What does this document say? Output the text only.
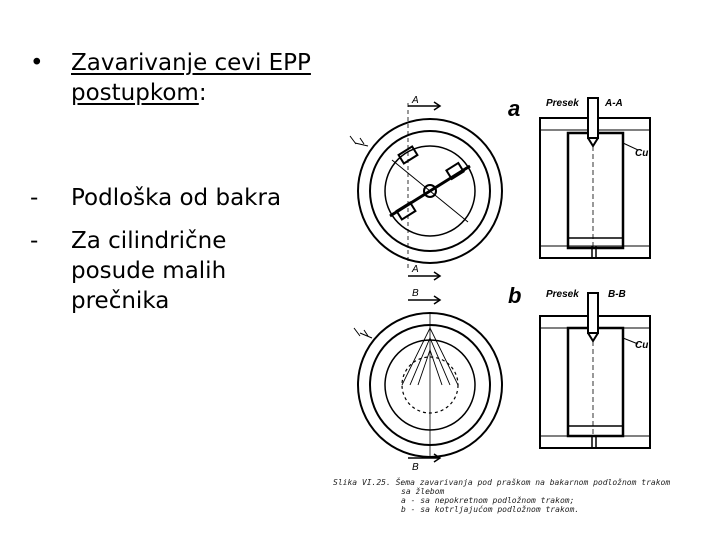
• Zavarivanje cevi EPP
postupkom:
- Podloška od bakra
- Za cilindrične
posude malih
prečnika
a
b
Presek	A-A
Presek	B-B
Cu
Cu
A
A
B
B
Slika VI.25. Šema zavarivanja pod praškom na bakarnom podložnom trakom
sa žlebom
a - sa nepokretnom podložnom trakom;
b - sa kotrljajućom podložnom trakom.
